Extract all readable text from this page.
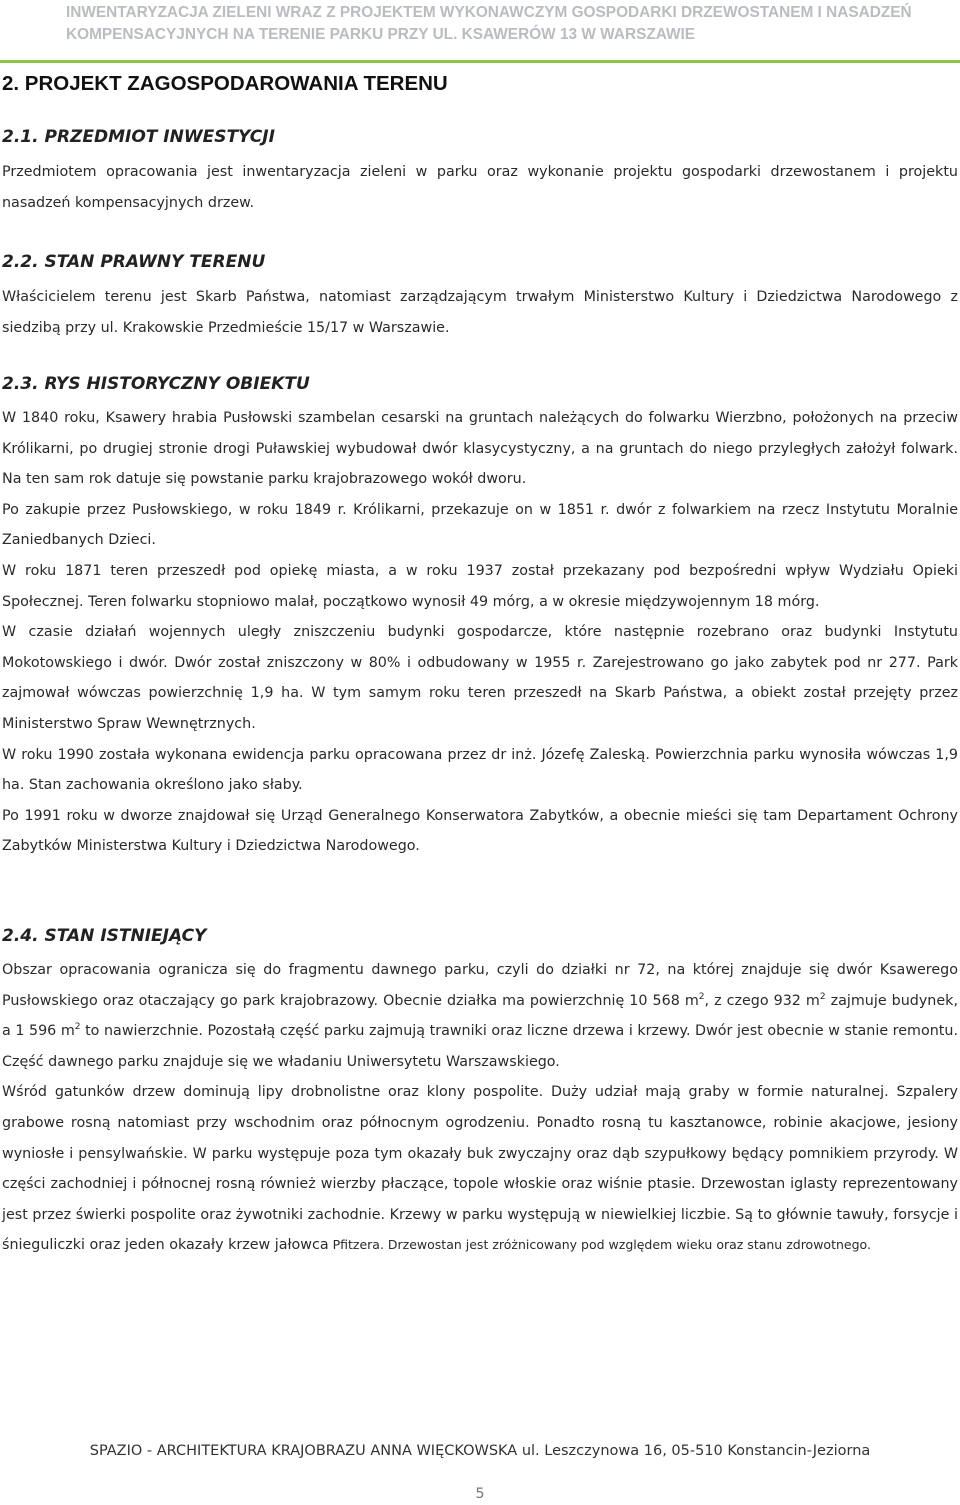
INWENTARYZACJA ZIELENI WRAZ Z PROJEKTEM WYKONAWCZYM GOSPODARKI DRZEWOSTANEM I NASADZEŃ

KOMPENSACYJNYCH NA TERENIE PARKU PRZY UL. KSAWERÓW 13 W WARSZAWIE

2. PROJEKT ZAGOSPODAROWANIA TERENU
2.1. PRZEDMIOT INWESTYCJI

Przedmiotem opracowania jest inwentaryzacja zieleni w parku oraz wykonanie projektu gospodarki drzewostanem i projektu nasadzeń kompensacyjnych drzew.

2.2. STAN PRAWNY TERENU

Właścicielem terenu jest Skarb Państwa, natomiast zarządzającym trwałym Ministerstwo Kultury i Dziedzictwa Narodowego z siedzibą przy ul. Krakowskie Przedmieście 15/17 w Warszawie.

2.3. RYS HISTORYCZNY OBIEKTU
W 1840 roku, Ksawery hrabia Pusłowski szambelan cesarski na gruntach należących do folwarku Wierzbno, położonych na przeciw Królikarni, po drugiej stronie drogi Puławskiej wybudował dwór klasycystyczny, a na gruntach do niego przyległych założył folwark. Na ten sam rok datuje się powstanie parku krajobrazowego wokół dworu.
Po zakupie przez Pusłowskiego, w roku 1849 r. Królikarni, przekazuje on w 1851 r. dwór z folwarkiem na rzecz Instytutu Moralnie Zaniedbanych Dzieci.
W roku 1871 teren przeszedł pod opiekę miasta, a w roku 1937 został przekazany pod bezpośredni wpływ Wydziału Opieki Społecznej. Teren folwarku stopniowo malał, początkowo wynosił 49 mórg, a w okresie międzywojennym 18 mórg.
W czasie działań wojennych uległy zniszczeniu budynki gospodarcze, które następnie rozebrano oraz budynki Instytutu Mokotowskiego i dwór. Dwór został zniszczony w 80% i odbudowany w 1955 r. Zarejestrowano go jako zabytek pod nr 277. Park zajmował wówczas powierzchnię 1,9 ha. W tym samym roku teren przeszedł na Skarb Państwa, a obiekt został przejęty przez Ministerstwo Spraw Wewnętrznych.
W roku 1990 została wykonana ewidencja parku opracowana przez dr inż. Józefę Zaleską. Powierzchnia parku wynosiła wówczas 1,9 ha. Stan zachowania określono jako słaby.
Po 1991 roku w dworze znajdował się Urząd Generalnego Konserwatora Zabytków, a obecnie mieści się tam Departament Ochrony Zabytków Ministerstwa Kultury i Dziedzictwa Narodowego.
2.4. STAN ISTNIEJĄCY
Obszar opracowania ogranicza się do fragmentu dawnego parku, czyli do działki nr 72, na której znajduje się dwór Ksawerego Pusłowskiego oraz otaczający go park krajobrazowy. Obecnie działka ma powierzchnię 10 568 $m^2$, z czego 932 $m^2$ zajmuje budynek, a 1 596 $m^2$ to nawierzchnie. Pozostałą część parku zajmują trawniki oraz liczne drzewa i krzewy. Dwór jest obecnie w stanie remontu. Część dawnego parku znajduje się we władaniu Uniwersytetu Warszawskiego.
Wśród gatunków drzew dominują lipy drobnolistne oraz klony pospolite. Duży udział mają graby w formie naturalnej. Szpalery grabowe rosną natomiast przy wschodnim oraz północnym ogrodzeniu. Ponadto rosną tu kasztanowce, robinie akacjowe, jesiony wyniosłe i pensylwańskie. W parku występuje poza tym okazały buk zwyczajny oraz dąb szypułkowy będący pomnikiem przyrody. W części zachodniej i północnej rosną również wierzby płaczące, topole włoskie oraz wiśnie ptasie. Drzewostan iglasty reprezentowany jest przez świerki pospolite oraz żywotniki zachodnie. Krzewy w parku występują w niewielkiej liczbie. Są to głównie tawuły, forsycje i śnieguliczki oraz jeden okazały krzew jałowca Pfitzera. Drzewostan jest zróżnicowany pod względem wieku oraz stanu zdrowotnego.
SPAZIO - ARCHITEKTURA KRAJOBRAZU ANNA WIĘCKOWSKA ul. Leszczynowa 16, 05-510 Konstancin-Jeziorna
5
